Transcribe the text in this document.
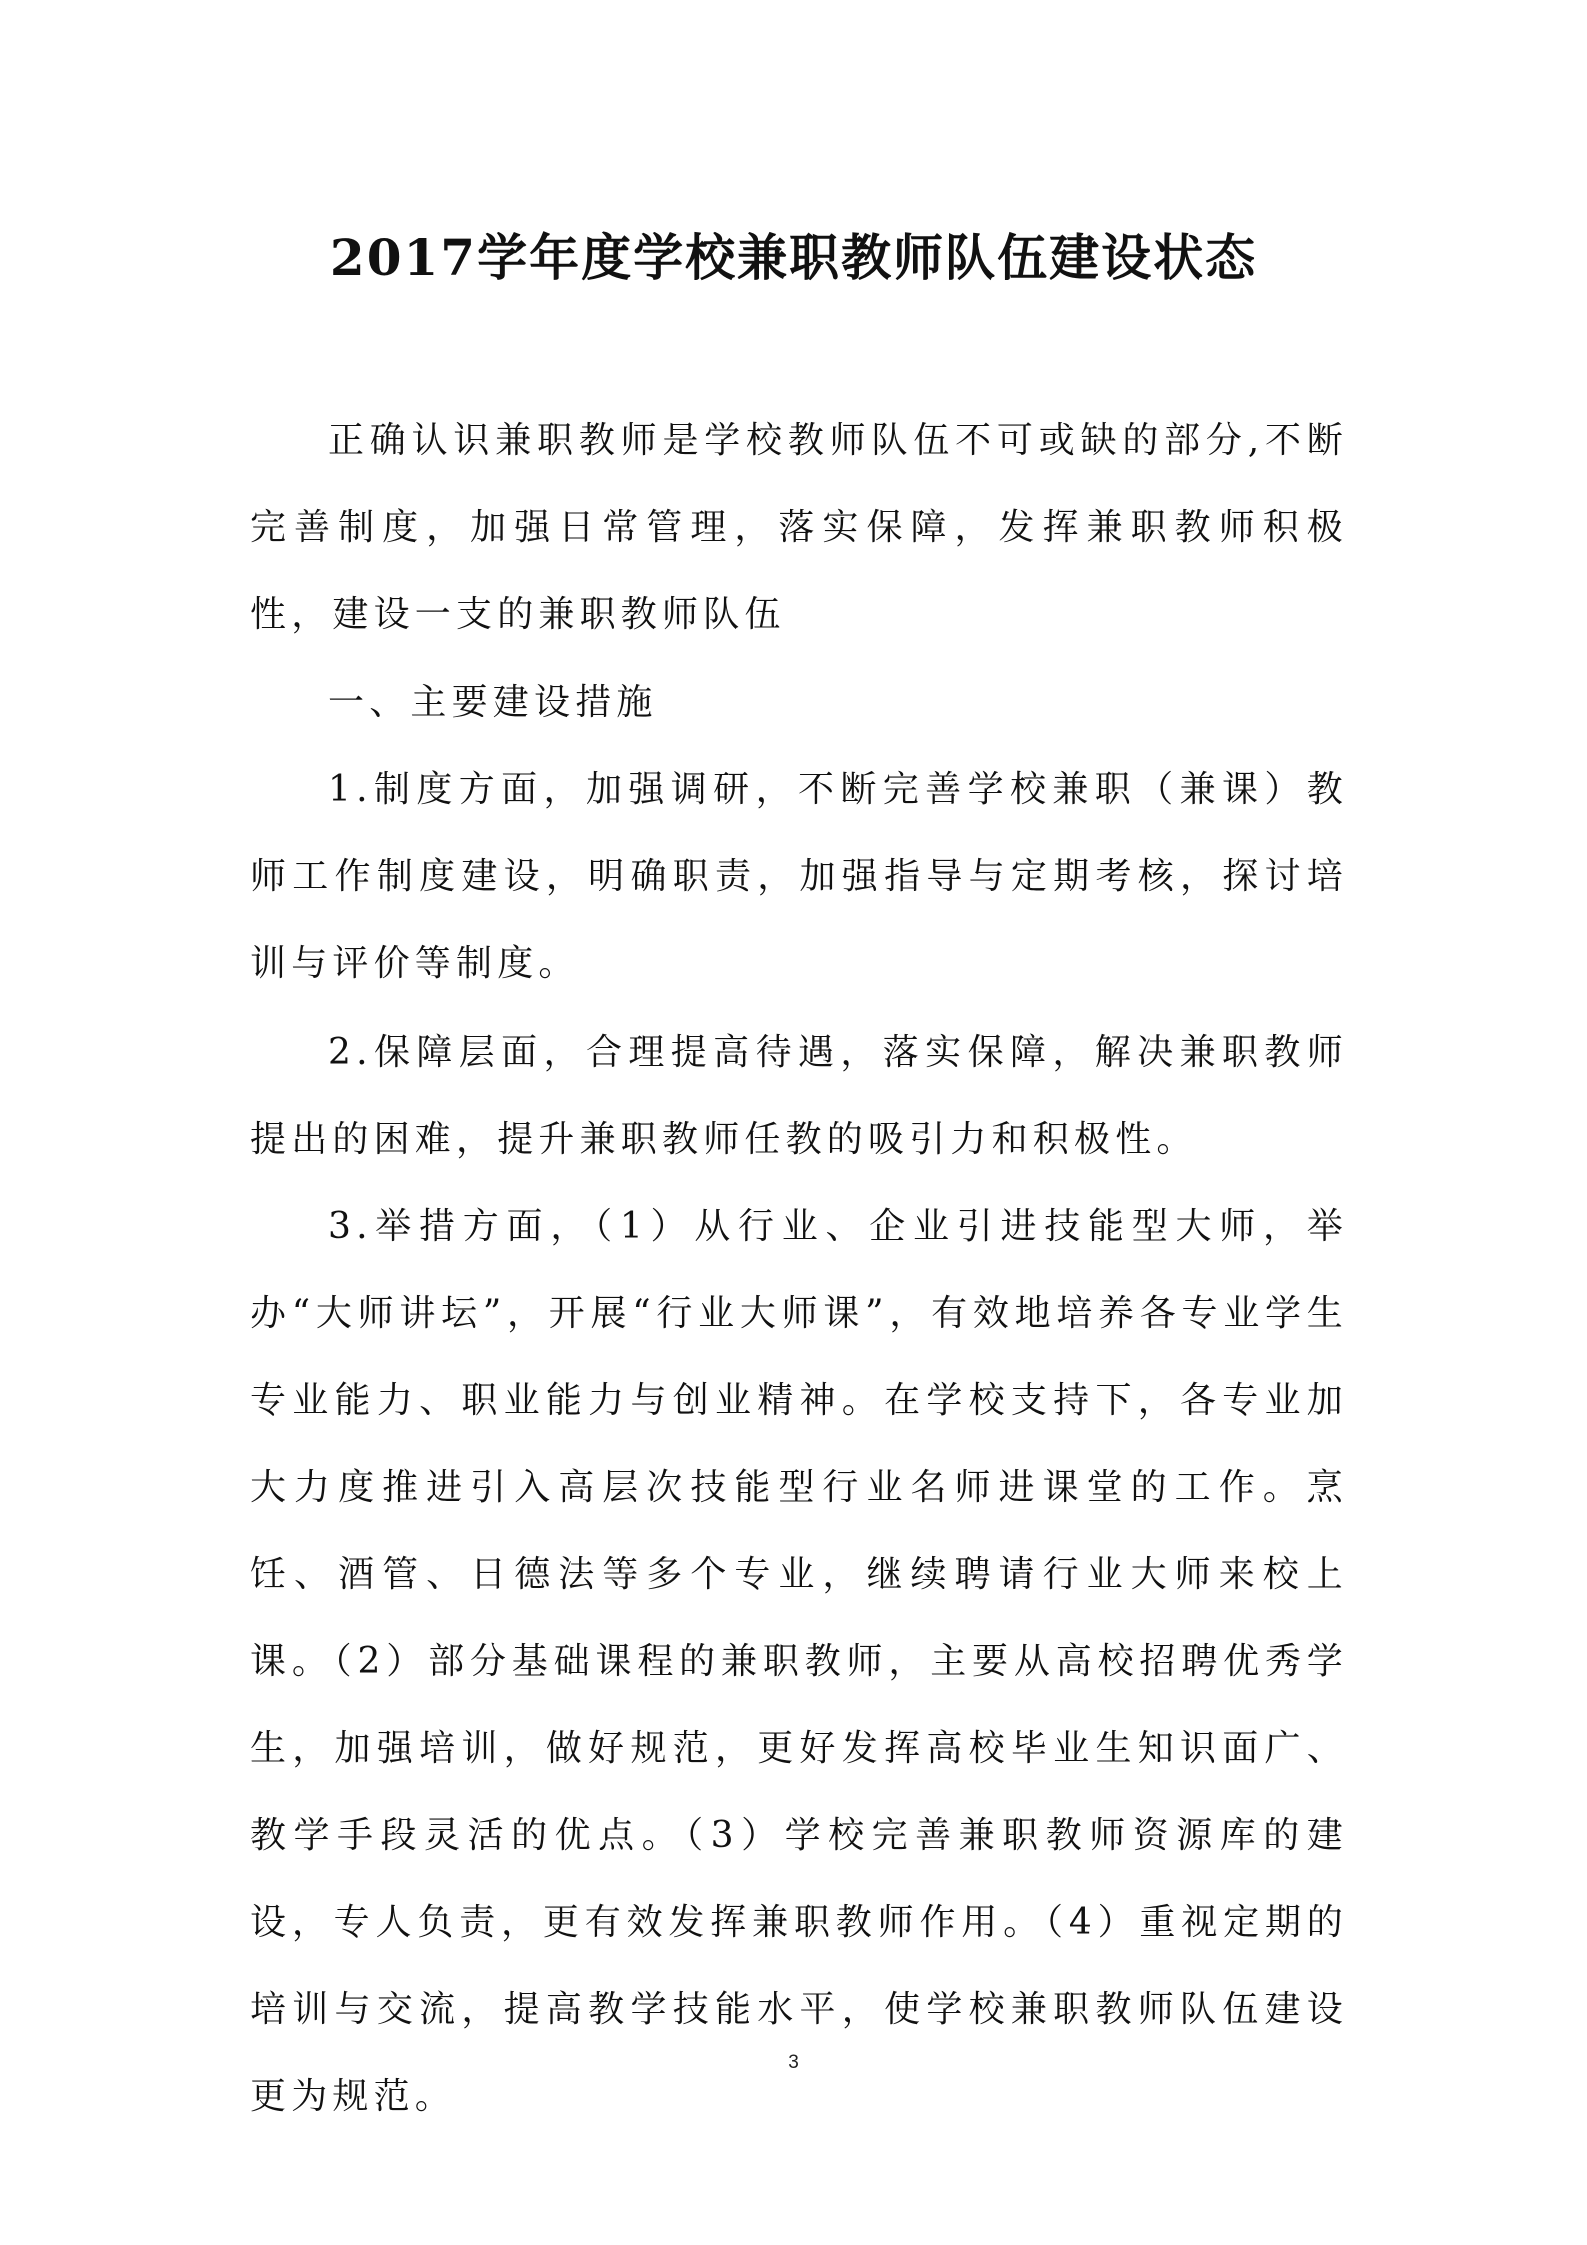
2017学年度学校兼职教师队伍建设状态

正确认识兼职教师是学校教师队伍不可或缺的部分,不断完善制度，加强日常管理，落实保障，发挥兼职教师积极性，建设一支的兼职教师队伍

一、主要建设措施

1.制度方面，加强调研，不断完善学校兼职（兼课）教师工作制度建设，明确职责，加强指导与定期考核，探讨培训与评价等制度。

2.保障层面，合理提高待遇，落实保障，解决兼职教师提出的困难，提升兼职教师任教的吸引力和积极性。

3.举措方面，（1）从行业、企业引进技能型大师，举办“大师讲坛”，开展“行业大师课”，有效地培养各专业学生专业能力、职业能力与创业精神。在学校支持下，各专业加大力度推进引入高层次技能型行业名师进课堂的工作。烹饪、酒管、日德法等多个专业，继续聘请行业大师来校上课。（2）部分基础课程的兼职教师，主要从高校招聘优秀学生，加强培训，做好规范，更好发挥高校毕业生知识面广、教学手段灵活的优点。（3）学校完善兼职教师资源库的建设，专人负责，更有效发挥兼职教师作用。（4）重视定期的培训与交流，提高教学技能水平，使学校兼职教师队伍建设更为规范。

3
